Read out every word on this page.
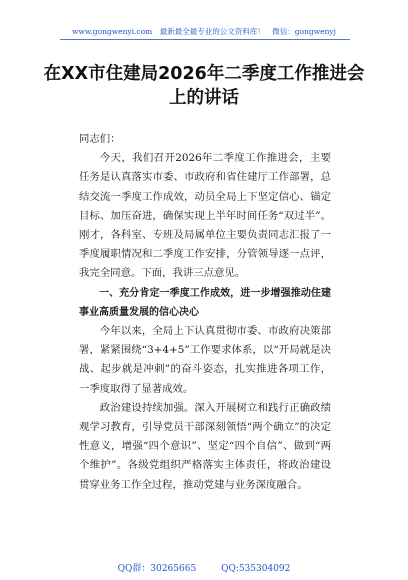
www.gongwenyi.com　最新最全最专业的公文资料库！　微信：gongwenyj
在XX市住建局2026年二季度工作推进会上的讲话

同志们：

今天，我们召开2026年二季度工作推进会，主要任务是认真落实市委、市政府和省住建厅工作部署，总结交流一季度工作成效，动员全局上下坚定信心、锚定目标、加压奋进，确保实现上半年时间任务“双过半”。刚才，各科室、专班及局属单位主要负责同志汇报了一季度履职情况和二季度工作安排，分管领导逐一点评，我完全同意。下面，我讲三点意见。

一、充分肯定一季度工作成效，进一步增强推动住建事业高质量发展的信心决心

今年以来，全局上下认真贯彻市委、市政府决策部署，紧紧围绕“3+4+5”工作要求体系，以“开局就是决战、起步就是冲刺”的奋斗姿态，扎实推进各项工作，一季度取得了显著成效。

政治建设持续加强。深入开展树立和践行正确政绩观学习教育，引导党员干部深刻领悟“两个确立”的决定性意义，增强“四个意识”、坚定“四个自信”、做到“两个维护”。各级党组织严格落实主体责任，将政治建设贯穿业务工作全过程，推动党建与业务深度融合。

QQ群：30265665	QQ:535304092
